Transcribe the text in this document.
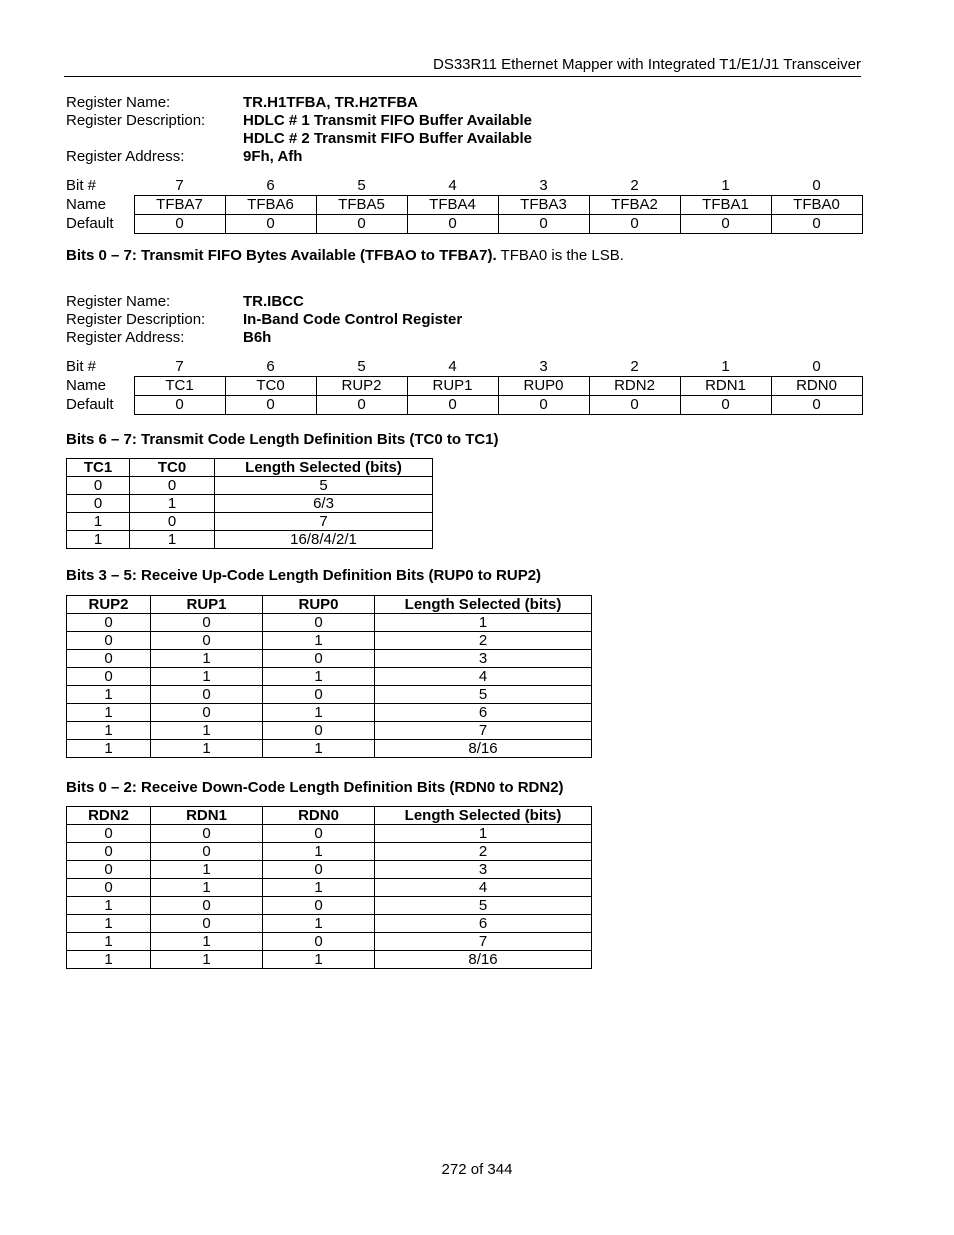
DS33R11 Ethernet Mapper with Integrated T1/E1/J1 Transceiver
Register Name:	TR.H1TFBA, TR.H2TFBA
Register Description:	HDLC # 1 Transmit FIFO Buffer Available
HDLC # 2 Transmit FIFO Buffer Available
Register Address:	9Fh, Afh
Bit #	7	6	5	4	3	2	1	0
Name	TFBA7	TFBA6	TFBA5	TFBA4	TFBA3	TFBA2	TFBA1	TFBA0
Default	0	0	0	0	0	0	0	0
Bits 0 – 7: Transmit FIFO Bytes Available (TFBAO to TFBA7). TFBA0 is the LSB.
Register Name:	TR.IBCC
Register Description:	In-Band Code Control Register
Register Address:	B6h
Bit #	7	6	5	4	3	2	1	0
Name	TC1	TC0	RUP2	RUP1	RUP0	RDN2	RDN1	RDN0
Default	0	0	0	0	0	0	0	0
Bits 6 – 7: Transmit Code Length Definition Bits (TC0 to TC1)
TC1	TC0	Length Selected (bits)
0	0	5
0	1	6/3
1	0	7
1	1	16/8/4/2/1
Bits 3 – 5: Receive Up-Code Length Definition Bits (RUP0 to RUP2)
RUP2	RUP1	RUP0	Length Selected (bits)
0	0	0	1
0	0	1	2
0	1	0	3
0	1	1	4
1	0	0	5
1	0	1	6
1	1	0	7
1	1	1	8/16
Bits 0 – 2: Receive Down-Code Length Definition Bits (RDN0 to RDN2)
RDN2	RDN1	RDN0	Length Selected (bits)
0	0	0	1
0	0	1	2
0	1	0	3
0	1	1	4
1	0	0	5
1	0	1	6
1	1	0	7
1	1	1	8/16
272 of 344
